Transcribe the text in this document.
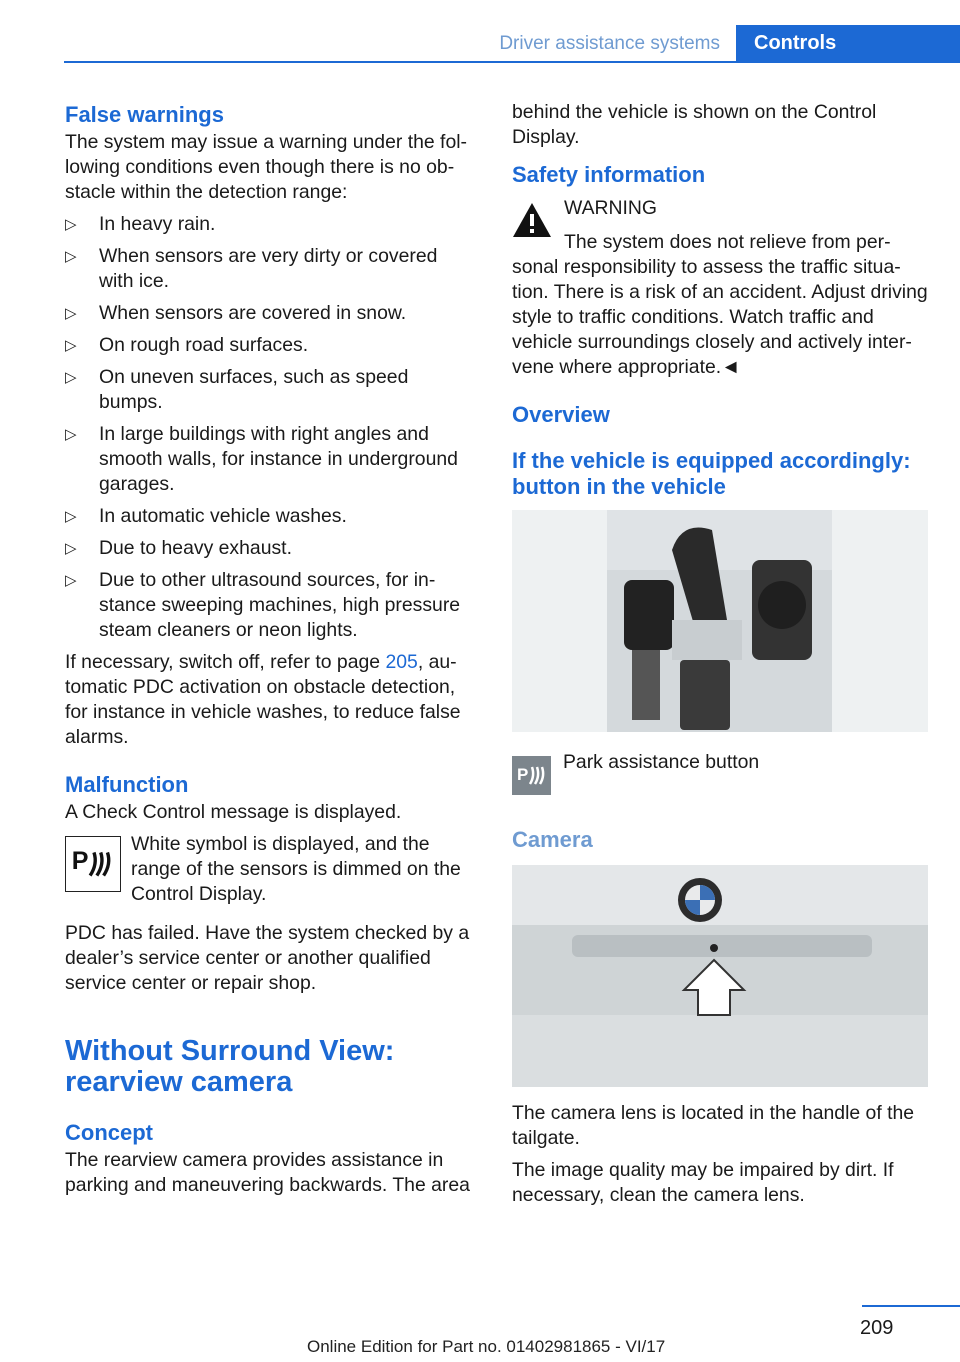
Driver assistance systems	Controls
False warnings

The system may issue a warning under the following conditions even though there is no obstacle within the detection range:

▷ In heavy rain.
▷ When sensors are very dirty or covered with ice.
▷ When sensors are covered in snow.
▷ On rough road surfaces.
▷ On uneven surfaces, such as speed bumps.
▷ In large buildings with right angles and smooth walls, for instance in underground garages.
▷ In automatic vehicle washes.
▷ Due to heavy exhaust.
▷ Due to other ultrasound sources, for instance sweeping machines, high pressure steam cleaners or neon lights.

If necessary, switch off, refer to page 205, automatic PDC activation on obstacle detection, for instance in vehicle washes, to reduce false alarms.

Malfunction

A Check Control message is displayed.

P
White symbol is displayed, and the range of the sensors is dimmed on the Control Display.

PDC has failed. Have the system checked by a dealer’s service center or another qualified service center or repair shop.

Without Surround View: rearview camera
Concept

The rearview camera provides assistance in parking and maneuvering backwards. The area

behind the vehicle is shown on the Control Display.

Safety information
WARNING

The system does not relieve from personal responsibility to assess the traffic situation. There is a risk of an accident. Adjust driving style to traffic conditions. Watch traffic and vehicle surroundings closely and actively intervene where appropriate.◄

Overview
If the vehicle is equipped accordingly: button in the vehicle
P
Park assistance button
Camera

The camera lens is located in the handle of the tailgate.

The image quality may be impaired by dirt. If necessary, clean the camera lens.

209
Online Edition for Part no. 01402981865 - VI/17
